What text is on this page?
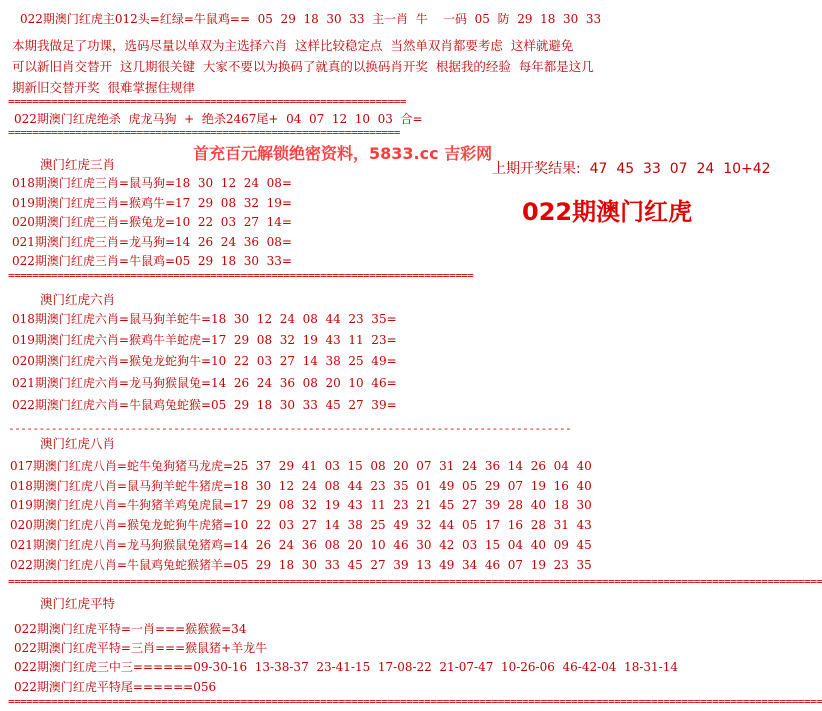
022期澳门红虎主012头=红绿=牛鼠鸡==  05  29  18  30  33  主一肖  牛    一码  05  防  29  18  30  33
本期我做足了功课，选码尽量以单双为主选择六肖  这样比较稳定点  当然单双肖都要考虑  这样就避免
可以新旧肖交替开  这几期很关键  大家不要以为换码了就真的以换码肖开奖  根据我的经验  每年都是这几
期新旧交替开奖  很难掌握住规律
=================================================================
022期澳门红虎绝杀  虎龙马狗  +  绝杀2467尾+  04  07  12  10  03  合=
================================================================
首充百元解锁绝密资料，5833.cc 吉彩网
上期开奖结果:  47  45  33  07  24  10+42
022期澳门红虎
澳门红虎三肖
018期澳门红虎三肖=鼠马狗=18  30  12  24  08=
019期澳门红虎三肖=猴鸡牛=17  29  08  32  19=
020期澳门红虎三肖=猴兔龙=10  22  03  27  14=
021期澳门红虎三肖=龙马狗=14  26  24  36  08=
022期澳门红虎三肖=牛鼠鸡=05  29  18  30  33=
============================================================================
澳门红虎六肖
018期澳门红虎六肖=鼠马狗羊蛇牛=18  30  12  24  08  44  23  35=
019期澳门红虎六肖=猴鸡牛羊蛇虎=17  29  08  32  19  43  11  23=
020期澳门红虎六肖=猴兔龙蛇狗牛=10  22  03  27  14  38  25  49=
021期澳门红虎六肖=龙马狗猴鼠兔=14  26  24  36  08  20  10  46=
022期澳门红虎六肖=牛鼠鸡兔蛇猴=05  29  18  30  33  45  27  39=
--------------------------------------------------------------------------------------------
澳门红虎八肖
017期澳门红虎八肖=蛇牛兔狗猪马龙虎=25  37  29  41  03  15  08  20  07  31  24  36  14  26  04  40
018期澳门红虎八肖=鼠马狗羊蛇牛猪虎=18  30  12  24  08  44  23  35  01  49  05  29  07  19  16  40
019期澳门红虎八肖=牛狗猪羊鸡兔虎鼠=17  29  08  32  19  43  11  23  21  45  27  39  28  40  18  30
020期澳门红虎八肖=猴兔龙蛇狗牛虎猪=10  22  03  27  14  38  25  49  32  44  05  17  16  28  31  43
021期澳门红虎八肖=龙马狗猴鼠兔猪鸡=14  26  24  36  08  20  10  46  30  42  03  15  04  40  09  45
022期澳门红虎八肖=牛鼠鸡兔蛇猴猪羊=05  29  18  30  33  45  27  39  13  49  34  46  07  19  23  35
=====================================================================================================================================
澳门红虎平特
022期澳门红虎平特=一肖===猴猴猴=34
022期澳门红虎平特=三肖===猴鼠猪+羊龙牛
022期澳门红虎三中三======09-30-16  13-38-37  23-41-15  17-08-22  21-07-47  10-26-06  46-42-04  18-31-14
022期澳门红虎平特尾======056
=====================================================================================================================================
